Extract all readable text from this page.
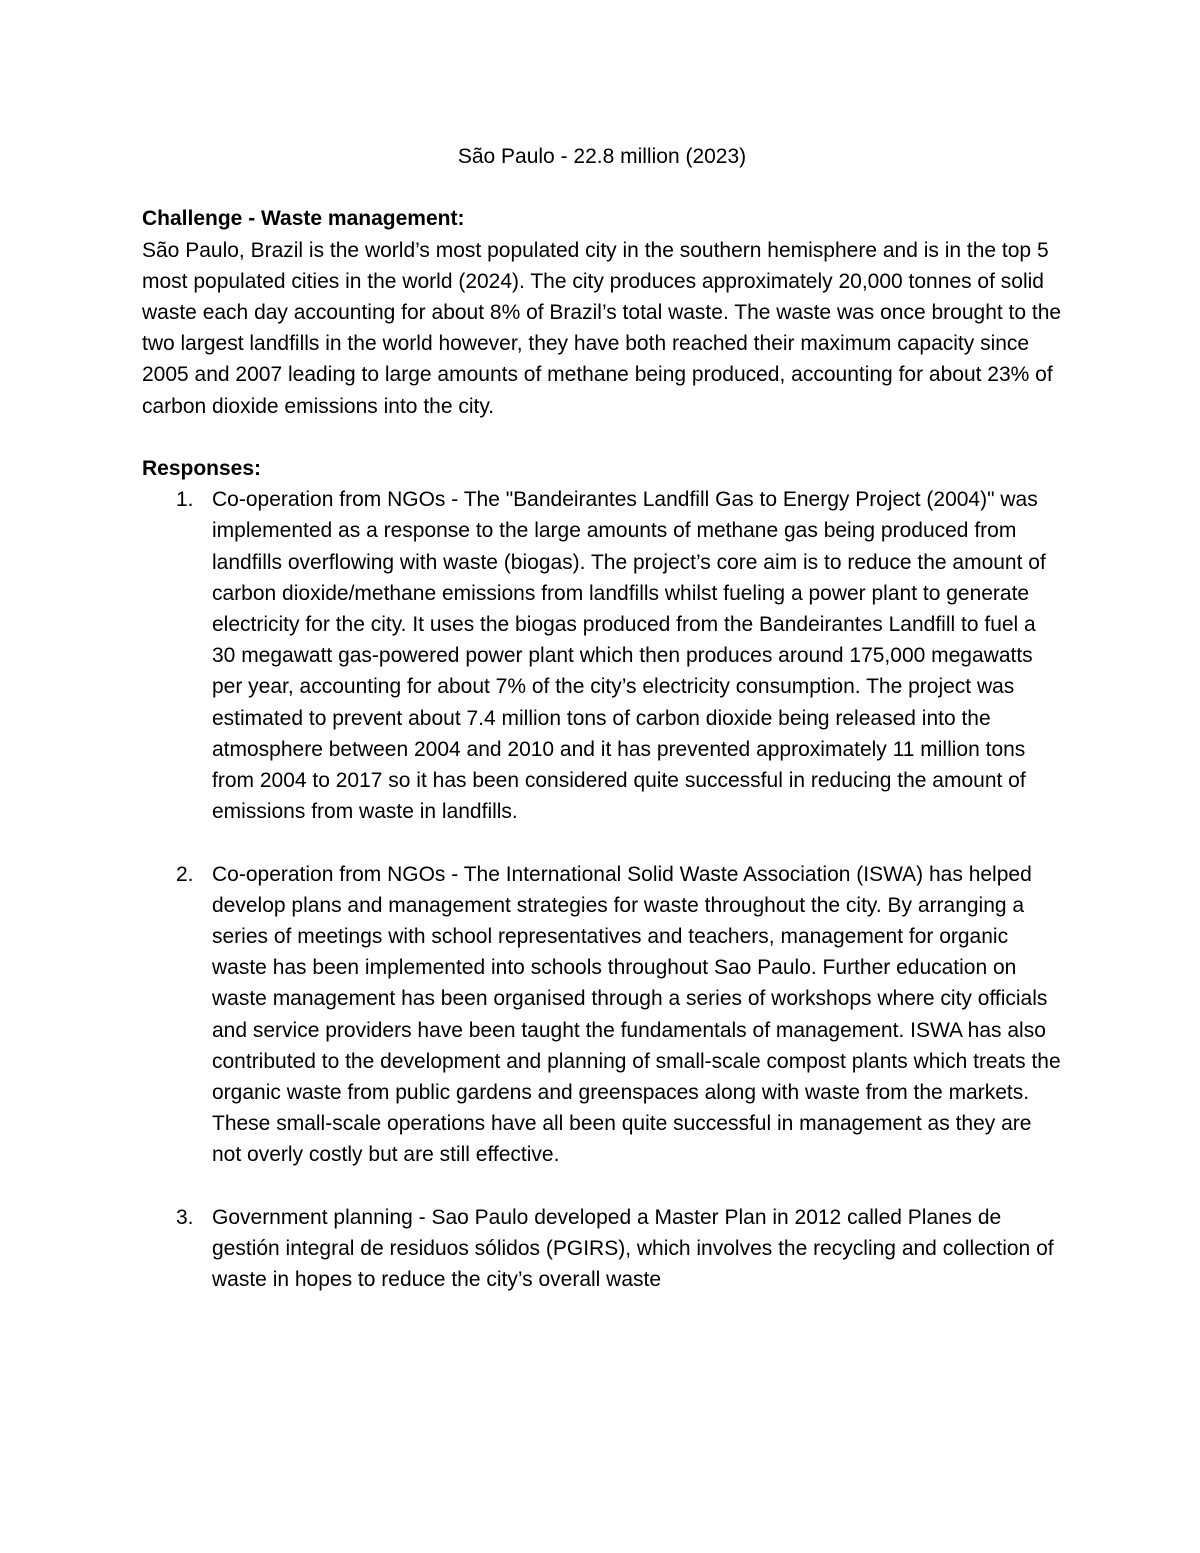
São Paulo - 22.8 million (2023)

Challenge - Waste management:

São Paulo, Brazil is the world’s most populated city in the southern hemisphere and is in the top 5 most populated cities in the world (2024). The city produces approximately 20,000 tonnes of solid waste each day accounting for about 8% of Brazil’s total waste. The waste was once brought to the two largest landfills in the world however, they have both reached their maximum capacity since 2005 and 2007 leading to large amounts of methane being produced, accounting for about 23% of carbon dioxide emissions into the city.

Responses:

1. Co-operation from NGOs - The "Bandeirantes Landfill Gas to Energy Project (2004)" was implemented as a response to the large amounts of methane gas being produced from landfills overflowing with waste (biogas). The project’s core aim is to reduce the amount of carbon dioxide/methane emissions from landfills whilst fueling a power plant to generate electricity for the city. It uses the biogas produced from the Bandeirantes Landfill to fuel a 30 megawatt gas-powered power plant which then produces around 175,000 megawatts per year, accounting for about 7% of the city’s electricity consumption. The project was estimated to prevent about 7.4 million tons of carbon dioxide being released into the atmosphere between 2004 and 2010 and it has prevented approximately 11 million tons from 2004 to 2017 so it has been considered quite successful in reducing the amount of emissions from waste in landfills.
2. Co-operation from NGOs - The International Solid Waste Association (ISWA) has helped develop plans and management strategies for waste throughout the city. By arranging a series of meetings with school representatives and teachers, management for organic waste has been implemented into schools throughout Sao Paulo. Further education on waste management has been organised through a series of workshops where city officials and service providers have been taught the fundamentals of management. ISWA has also contributed to the development and planning of small-scale compost plants which treats the organic waste from public gardens and greenspaces along with waste from the markets. These small-scale operations have all been quite successful in management as they are not overly costly but are still effective.
3. Government planning - Sao Paulo developed a Master Plan in 2012 called Planes de gestión integral de residuos sólidos (PGIRS), which involves the recycling and collection of waste in hopes to reduce the city’s overall waste
